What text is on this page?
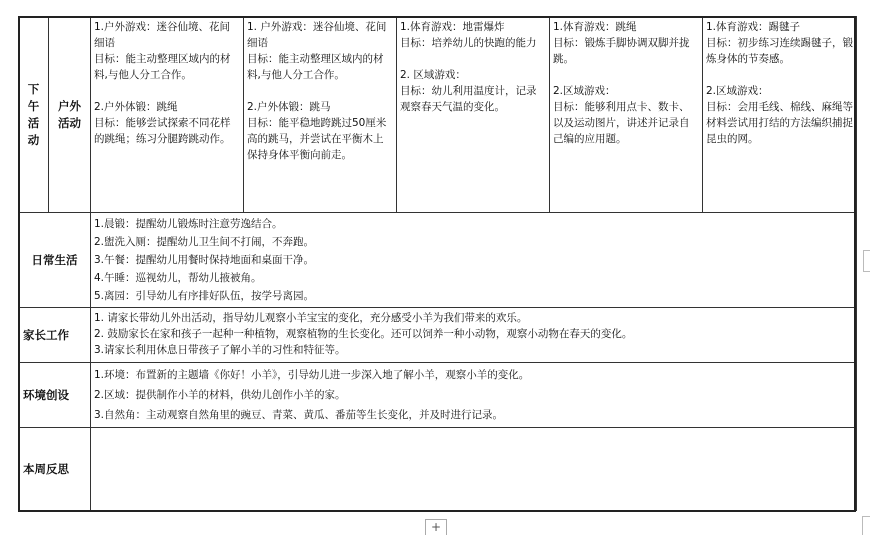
下
午
活
动	户外
活动	1.户外游戏：迷谷仙境、花间细语
目标：能主动整理区域内的材料,与他人分工合作。
2.户外体锻：跳绳
目标：能够尝试探索不同花样的跳绳；练习分腿跨跳动作。	1. 户外游戏：迷谷仙境、花间细语
目标：能主动整理区域内的材料,与他人分工合作。
2.户外体锻：跳马
目标：能平稳地跨跳过50厘米高的跳马，并尝试在平衡木上保持身体平衡向前走。	1.体育游戏：地雷爆炸
目标：培养幼儿的快跑的能力
2. 区域游戏：
目标：幼儿利用温度计，记录观察春天气温的变化。	1.体育游戏：跳绳
目标：锻炼手脚协调双脚并拢跳。
2.区域游戏：
目标：能够利用点卡、数卡、以及运动图片，讲述并记录自己编的应用题。	1.体育游戏：踢毽子
目标：初步练习连续踢毽子，锻炼身体的节奏感。
2.区域游戏：
目标：会用毛线、棉线、麻绳等材料尝试用打结的方法编织捕捉昆虫的网。

日常生活		1.晨锻：提醒幼儿锻炼时注意劳逸结合。
2.盥洗入厕：提醒幼儿卫生间不打闹，不奔跑。
3.午餐：提醒幼儿用餐时保持地面和桌面干净。
4.午睡：巡视幼儿，帮幼儿掖被角。
5.离园：引导幼儿有序排好队伍，按学号离园。				

家长工作		1. 请家长带幼儿外出活动，指导幼儿观察小羊宝宝的变化，充分感受小羊为我们带来的欢乐。
2. 鼓励家长在家和孩子一起种一种植物，观察植物的生长变化。还可以饲养一种小动物，观察小动物在春天的变化。
3.请家长利用休息日带孩子了解小羊的习性和特征等。				

环境创设		1.环境：布置新的主题墙《你好！小羊》，引导幼儿进一步深入地了解小羊，观察小羊的变化。
2.区域：提供制作小羊的材料，供幼儿创作小羊的家。
3.自然角：主动观察自然角里的豌豆、青菜、黄瓜、番茄等生长变化，并及时进行记录。				

本周反思						
+
